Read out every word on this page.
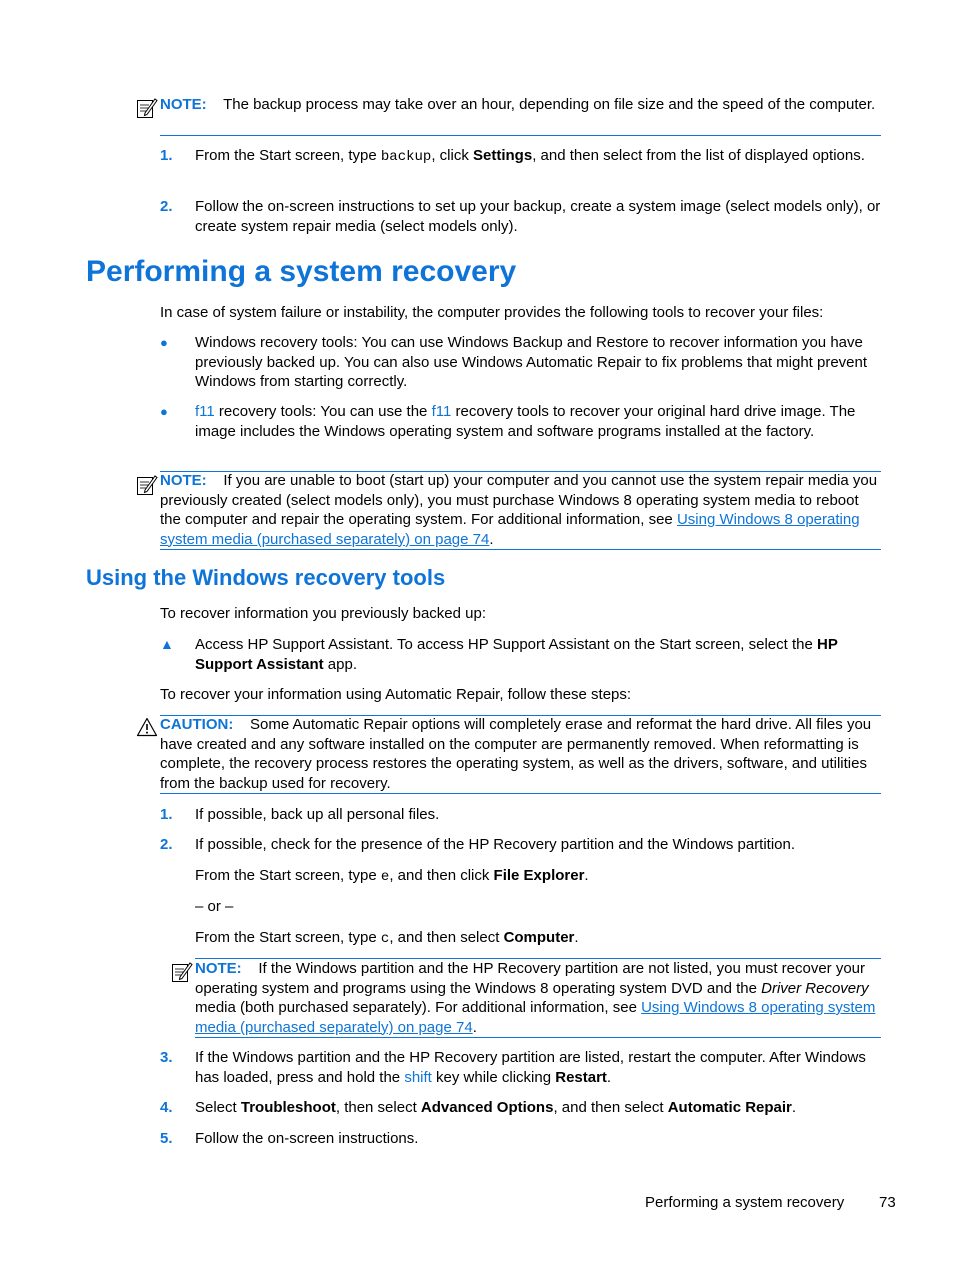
NOTE: The backup process may take over an hour, depending on file size and the speed of the computer.
1. From the Start screen, type backup, click Settings, and then select from the list of displayed options.
2. Follow the on-screen instructions to set up your backup, create a system image (select models only), or create system repair media (select models only).
Performing a system recovery
In case of system failure or instability, the computer provides the following tools to recover your files:
● Windows recovery tools: You can use Windows Backup and Restore to recover information you have previously backed up. You can also use Windows Automatic Repair to fix problems that might prevent Windows from starting correctly.
● f11 recovery tools: You can use the f11 recovery tools to recover your original hard drive image. The image includes the Windows operating system and software programs installed at the factory.
NOTE: If you are unable to boot (start up) your computer and you cannot use the system repair media you previously created (select models only), you must purchase Windows 8 operating system media to reboot the computer and repair the operating system. For additional information, see Using Windows 8 operating system media (purchased separately) on page 74.
Using the Windows recovery tools
To recover information you previously backed up:
▲ Access HP Support Assistant. To access HP Support Assistant on the Start screen, select the HP Support Assistant app.
To recover your information using Automatic Repair, follow these steps:
CAUTION: Some Automatic Repair options will completely erase and reformat the hard drive. All files you have created and any software installed on the computer are permanently removed. When reformatting is complete, the recovery process restores the operating system, as well as the drivers, software, and utilities from the backup used for recovery.
1. If possible, back up all personal files.
2. If possible, check for the presence of the HP Recovery partition and the Windows partition.
From the Start screen, type e, and then click File Explorer.
– or –
From the Start screen, type c, and then select Computer.
NOTE: If the Windows partition and the HP Recovery partition are not listed, you must recover your operating system and programs using the Windows 8 operating system DVD and the Driver Recovery media (both purchased separately). For additional information, see Using Windows 8 operating system media (purchased separately) on page 74.
3. If the Windows partition and the HP Recovery partition are listed, restart the computer. After Windows has loaded, press and hold the shift key while clicking Restart.
4. Select Troubleshoot, then select Advanced Options, and then select Automatic Repair.
5. Follow the on-screen instructions.
Performing a system recovery 73
